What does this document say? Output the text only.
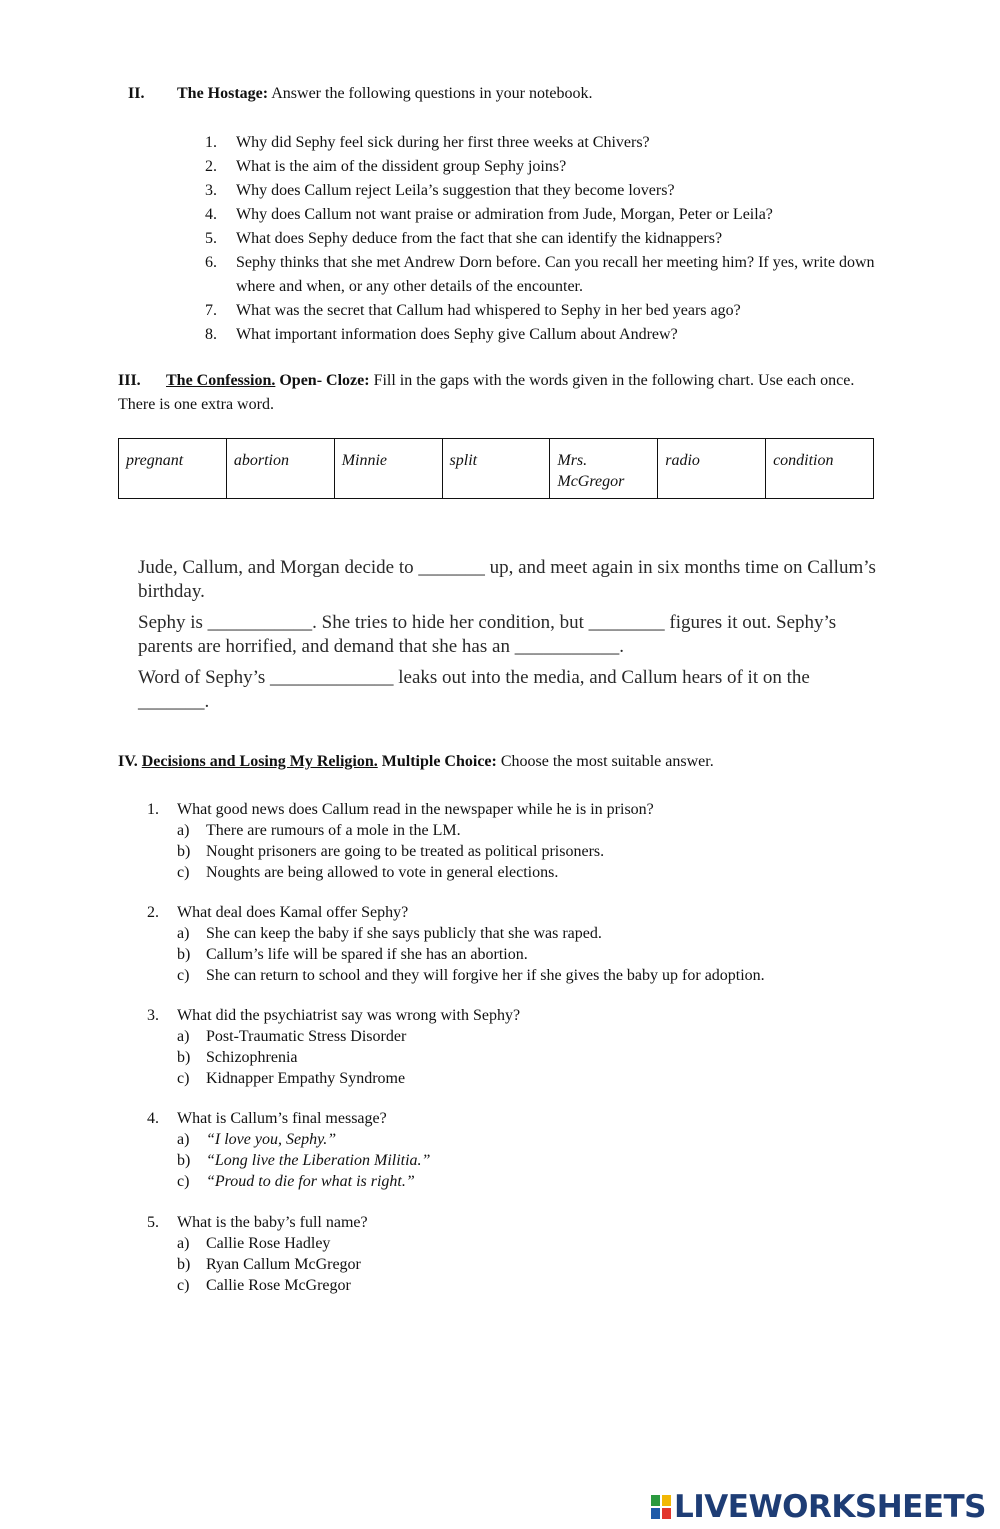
II. The Hostage: Answer the following questions in your notebook.
1. Why did Sephy feel sick during her first three weeks at Chivers?
2. What is the aim of the dissident group Sephy joins?
3. Why does Callum reject Leila’s suggestion that they become lovers?
4. Why does Callum not want praise or admiration from Jude, Morgan, Peter or Leila?
5. What does Sephy deduce from the fact that she can identify the kidnappers?
6. Sephy thinks that she met Andrew Dorn before. Can you recall her meeting him? If yes, write down where and when, or any other details of the encounter.
7. What was the secret that Callum had whispered to Sephy in her bed years ago?
8. What important information does Sephy give Callum about Andrew?
III. The Confession. Open- Cloze: Fill in the gaps with the words given in the following chart. Use each once. There is one extra word.
pregnant	abortion	Minnie	split	Mrs. McGregor	radio	condition
Jude, Callum, and Morgan decide to _______ up, and meet again in six months time on Callum’s birthday.
Sephy is ___________. She tries to hide her condition, but ________ figures it out. Sephy’s parents are horrified, and demand that she has an ___________.
Word of Sephy’s _____________ leaks out into the media, and Callum hears of it on the _______.
IV. Decisions and Losing My Religion. Multiple Choice: Choose the most suitable answer.
1. What good news does Callum read in the newspaper while he is in prison?
a) There are rumours of a mole in the LM.
b) Nought prisoners are going to be treated as political prisoners.
c) Noughts are being allowed to vote in general elections.
2. What deal does Kamal offer Sephy?
a) She can keep the baby if she says publicly that she was raped.
b) Callum’s life will be spared if she has an abortion.
c) She can return to school and they will forgive her if she gives the baby up for adoption.
3. What did the psychiatrist say was wrong with Sephy?
a) Post-Traumatic Stress Disorder
b) Schizophrenia
c) Kidnapper Empathy Syndrome
4. What is Callum’s final message?
a) “I love you, Sephy.”
b) “Long live the Liberation Militia.”
c) “Proud to die for what is right.”
5. What is the baby’s full name?
a) Callie Rose Hadley
b) Ryan Callum McGregor
c) Callie Rose McGregor
LIVEWORKSHEETS
